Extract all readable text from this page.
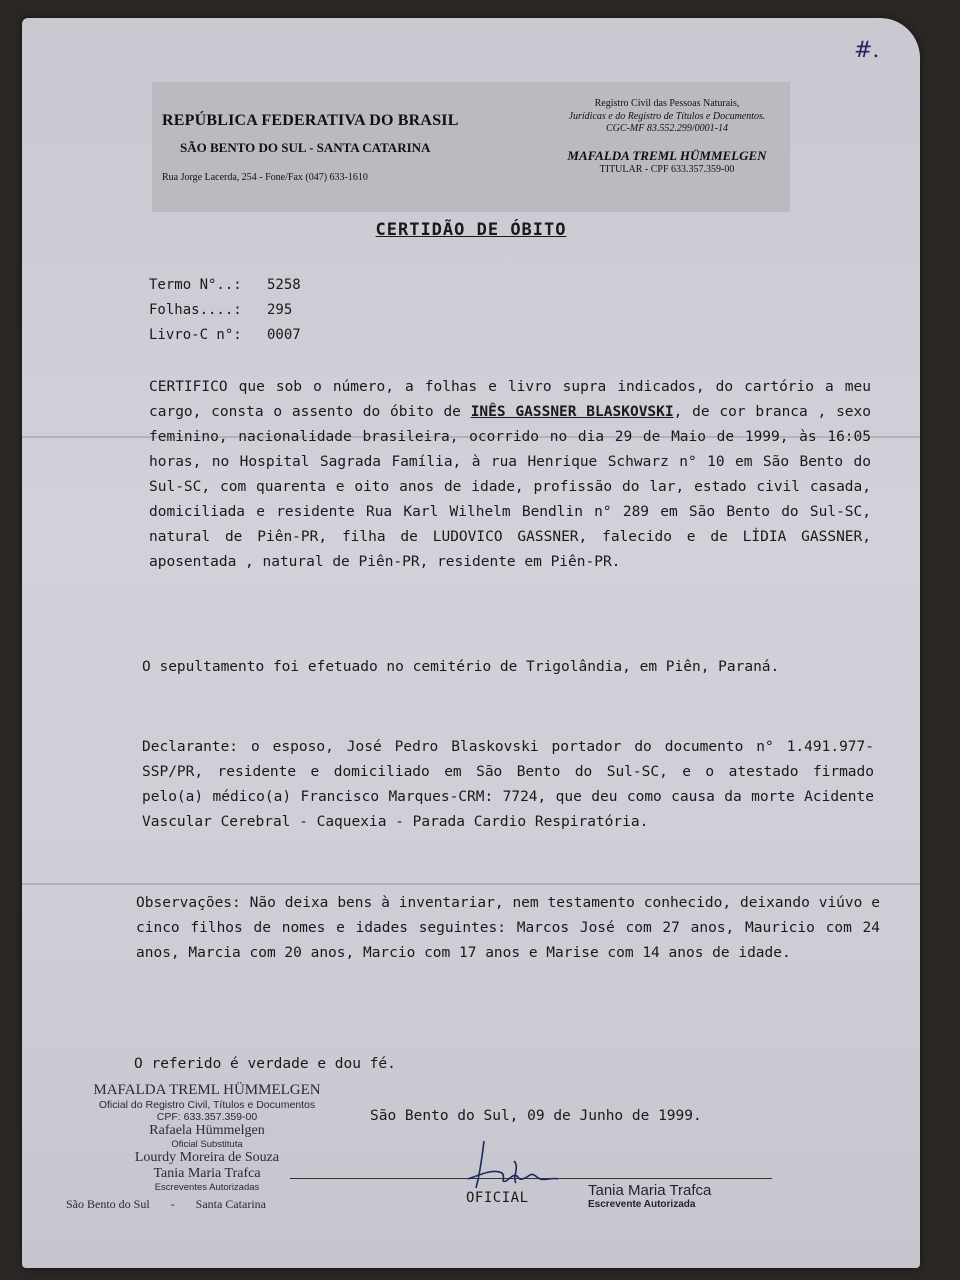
#.
REPÚBLICA FEDERATIVA DO BRASIL
SÃO BENTO DO SUL - SANTA CATARINA
Rua Jorge Lacerda, 254 - Fone/Fax (047) 633-1610
Registro Civil das Pessoas Naturais,
Jurídicas e do Registro de Títulos e Documentos.
CGC-MF 83.552.299/0001-14
MAFALDA TREML HÜMMELGEN
TITULAR - CPF 633.357.359-00
CERTIDÃO DE ÓBITO
Termo N°..: 5258
Folhas....: 295
Livro-C n°: 0007
CERTIFICO que sob o número, a folhas e livro supra indicados, do cartório a meu cargo, consta o assento do óbito de INÊS GASSNER BLASKOVSKI, de cor branca , sexo feminino, nacionalidade brasileira, ocorrido no dia 29 de Maio de 1999, às 16:05 horas, no Hospital Sagrada Família, à rua Henrique Schwarz n° 10 em São Bento do Sul-SC, com quarenta e oito anos de idade, profissão do lar, estado civil casada, domiciliada e residente Rua Karl Wilhelm Bendlin n° 289 em São Bento do Sul-SC, natural de Piên-PR, filha de LUDOVICO GASSNER, falecido e de LÍDIA GASSNER, aposentada , natural de Piên-PR, residente em Piên-PR.
O sepultamento foi efetuado no cemitério de Trigolândia, em Piên, Paraná.
Declarante: o esposo, José Pedro Blaskovski portador do documento n° 1.491.977-SSP/PR, residente e domiciliado em São Bento do Sul-SC, e o atestado firmado pelo(a) médico(a) Francisco Marques-CRM: 7724, que deu como causa da morte Acidente Vascular Cerebral - Caquexia - Parada Cardio Respiratória.
Observações: Não deixa bens à inventariar, nem testamento conhecido, deixando viúvo e cinco filhos de nomes e idades seguintes: Marcos José com 27 anos, Mauricio com 24 anos, Marcia com 20 anos, Marcio com 17 anos e Marise com 14 anos de idade.
O referido é verdade e dou fé.
São Bento do Sul, 09 de Junho de 1999.
MAFALDA TREML HÜMMELGEN
Oficial do Registro Civil, Títulos e Documentos
CPF: 633.357.359-00
Rafaela Hümmelgen
Oficial Substituta
Lourdy Moreira de Souza
Tania Maria Trafca
Escreventes Autorizadas
São Bento do Sul - Santa Catarina	OFICIAL	Tania Maria Trafca
Escrevente Autorizada
